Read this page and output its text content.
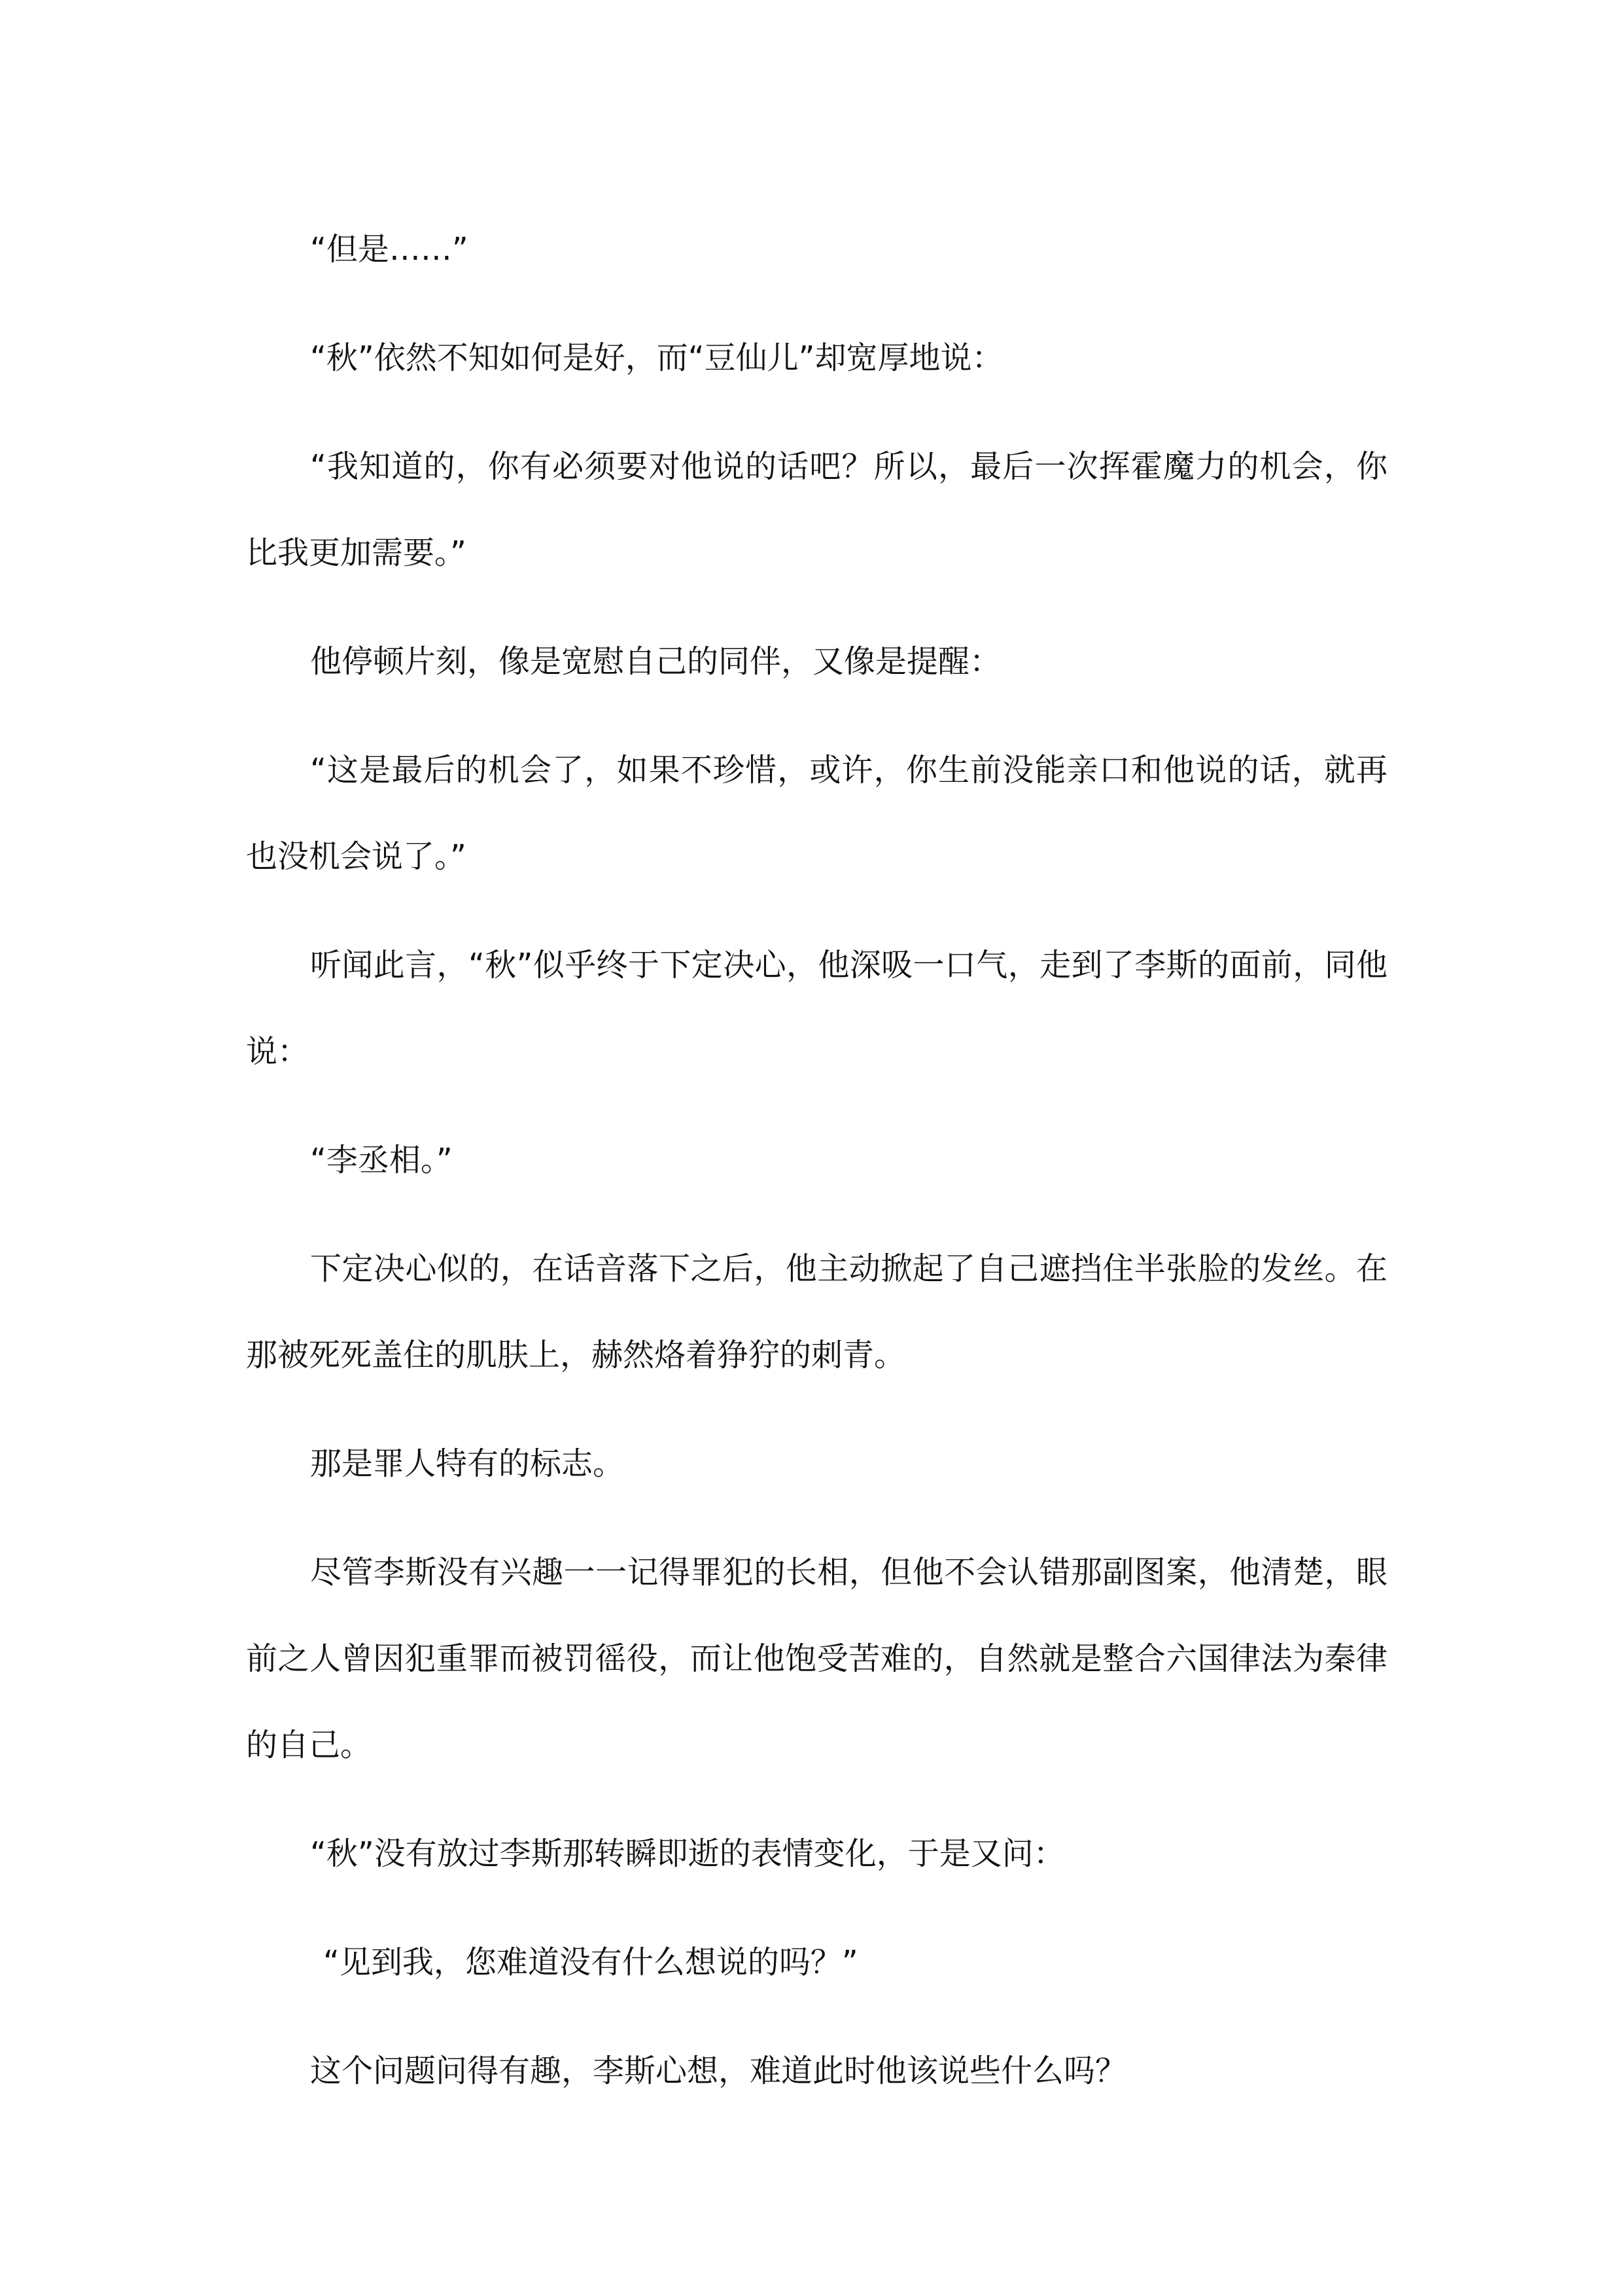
“但是……”

“秋”依然不知如何是好，而“豆仙儿”却宽厚地说：

“我知道的，你有必须要对他说的话吧？所以，最后一次挥霍魔力的机会，你比我更加需要。”

他停顿片刻，像是宽慰自己的同伴，又像是提醒：

“这是最后的机会了，如果不珍惜，或许，你生前没能亲口和他说的话，就再也没机会说了。”

听闻此言，“秋”似乎终于下定决心，他深吸一口气，走到了李斯的面前，同他说：

“李丞相。”

下定决心似的，在话音落下之后，他主动掀起了自己遮挡住半张脸的发丝。在那被死死盖住的肌肤上，赫然烙着狰狞的刺青。

那是罪人特有的标志。

尽管李斯没有兴趣一一记得罪犯的长相，但他不会认错那副图案，他清楚，眼前之人曾因犯重罪而被罚徭役，而让他饱受苦难的，自然就是整合六国律法为秦律的自己。

“秋”没有放过李斯那转瞬即逝的表情变化，于是又问：

“见到我，您难道没有什么想说的吗？”

这个问题问得有趣，李斯心想，难道此时他该说些什么吗？
